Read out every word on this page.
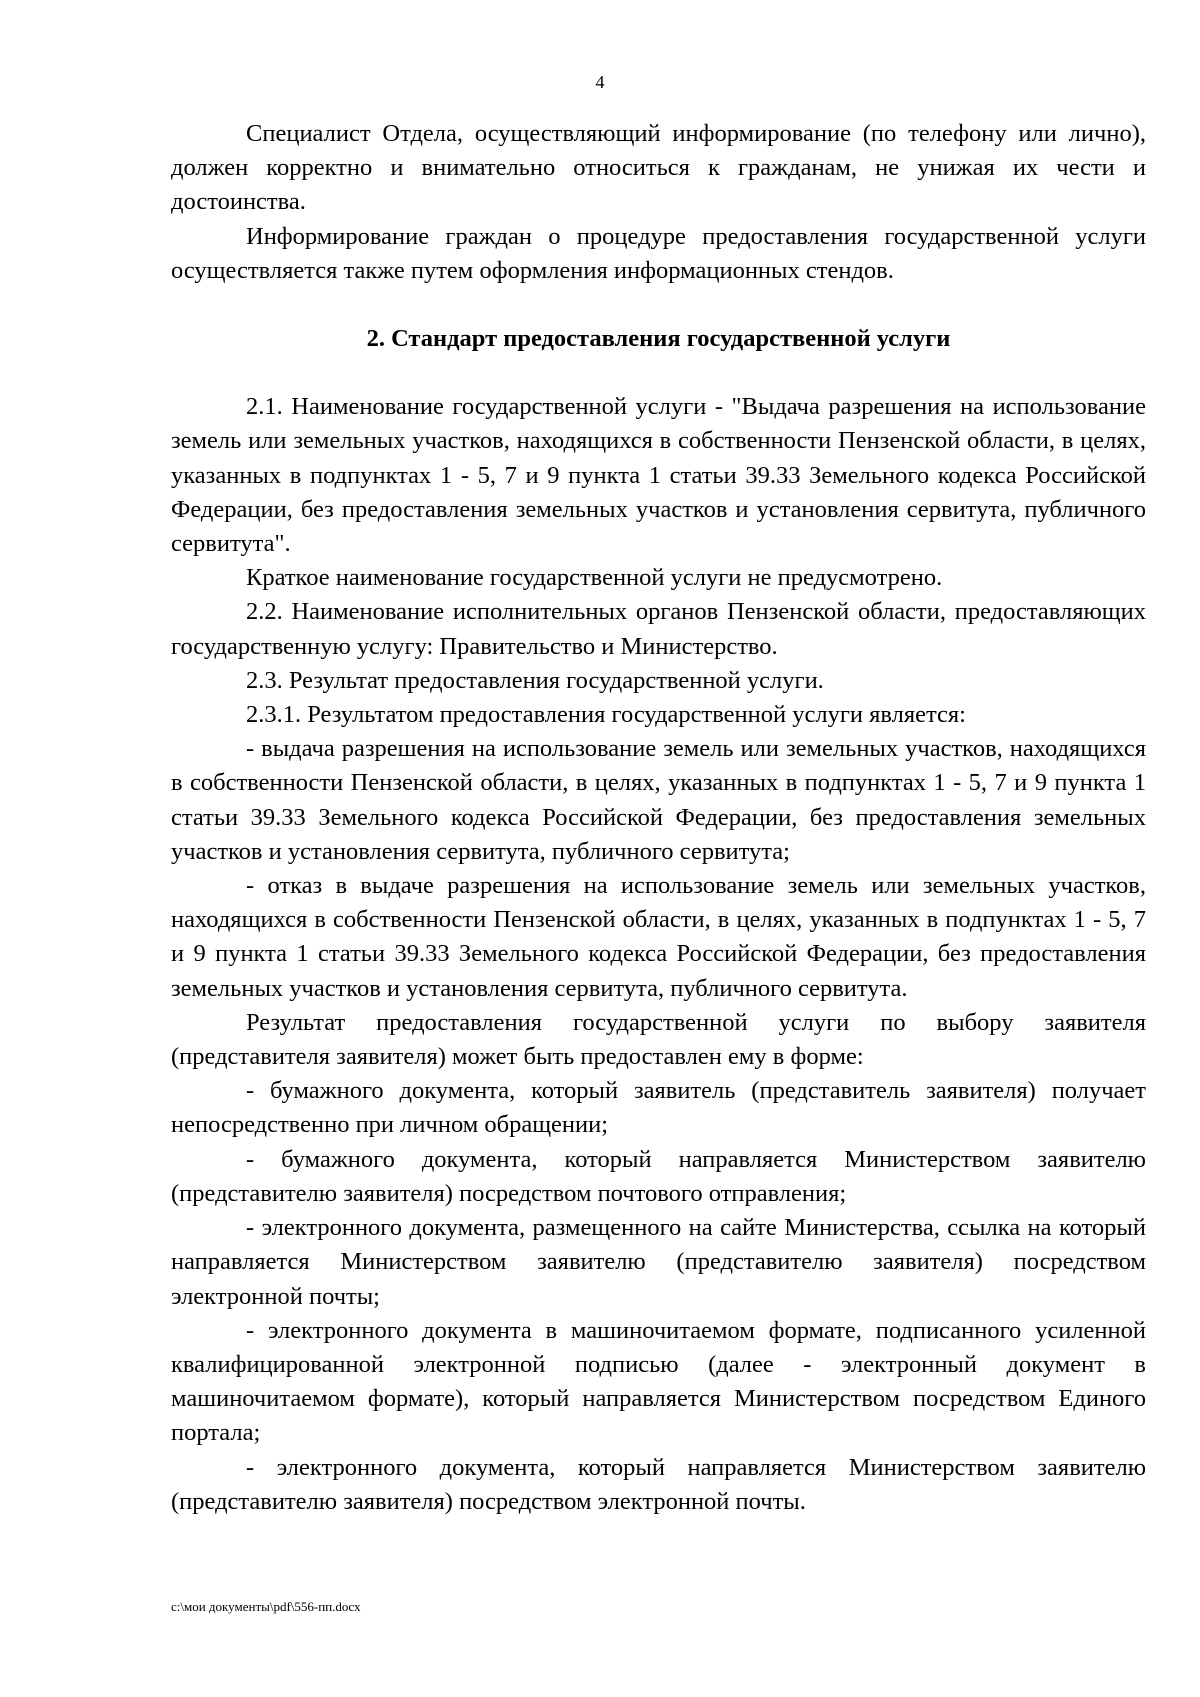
4

Специалист Отдела, осуществляющий информирование (по телефону или лично), должен корректно и внимательно относиться к гражданам, не унижая их чести и достоинства.

Информирование граждан о процедуре предоставления государственной услуги осуществляется также путем оформления информационных стендов.

2. Стандарт предоставления государственной услуги

2.1. Наименование государственной услуги - "Выдача разрешения на использование земель или земельных участков, находящихся в собственности Пензенской области, в целях, указанных в подпунктах 1 - 5, 7 и 9 пункта 1 статьи 39.33 Земельного кодекса Российской Федерации, без предоставления земельных участков и установления сервитута, публичного сервитута".

Краткое наименование государственной услуги не предусмотрено.

2.2. Наименование исполнительных органов Пензенской области, предоставляющих государственную услугу: Правительство и Министерство.

2.3. Результат предоставления государственной услуги.

2.3.1. Результатом предоставления государственной услуги является:

- выдача разрешения на использование земель или земельных участков, находящихся в собственности Пензенской области, в целях, указанных в подпунктах 1 - 5, 7 и 9 пункта 1 статьи 39.33 Земельного кодекса Российской Федерации, без предоставления земельных участков и установления сервитута, публичного сервитута;

- отказ в выдаче разрешения на использование земель или земельных участков, находящихся в собственности Пензенской области, в целях, указанных в подпунктах 1 - 5, 7 и 9 пункта 1 статьи 39.33 Земельного кодекса Российской Федерации, без предоставления земельных участков и установления сервитута, публичного сервитута.

Результат предоставления государственной услуги по выбору заявителя (представителя заявителя) может быть предоставлен ему в форме:

- бумажного документа, который заявитель (представитель заявителя) получает непосредственно при личном обращении;

- бумажного документа, который направляется Министерством заявителю (представителю заявителя) посредством почтового отправления;

- электронного документа, размещенного на сайте Министерства, ссылка на который направляется Министерством заявителю (представителю заявителя) посредством электронной почты;

- электронного документа в машиночитаемом формате, подписанного усиленной квалифицированной электронной подписью (далее - электронный документ в машиночитаемом формате), который направляется Министерством посредством Единого портала;

- электронного документа, который направляется Министерством заявителю (представителю заявителя) посредством электронной почты.

c:\мои документы\pdf\556-пп.docx
